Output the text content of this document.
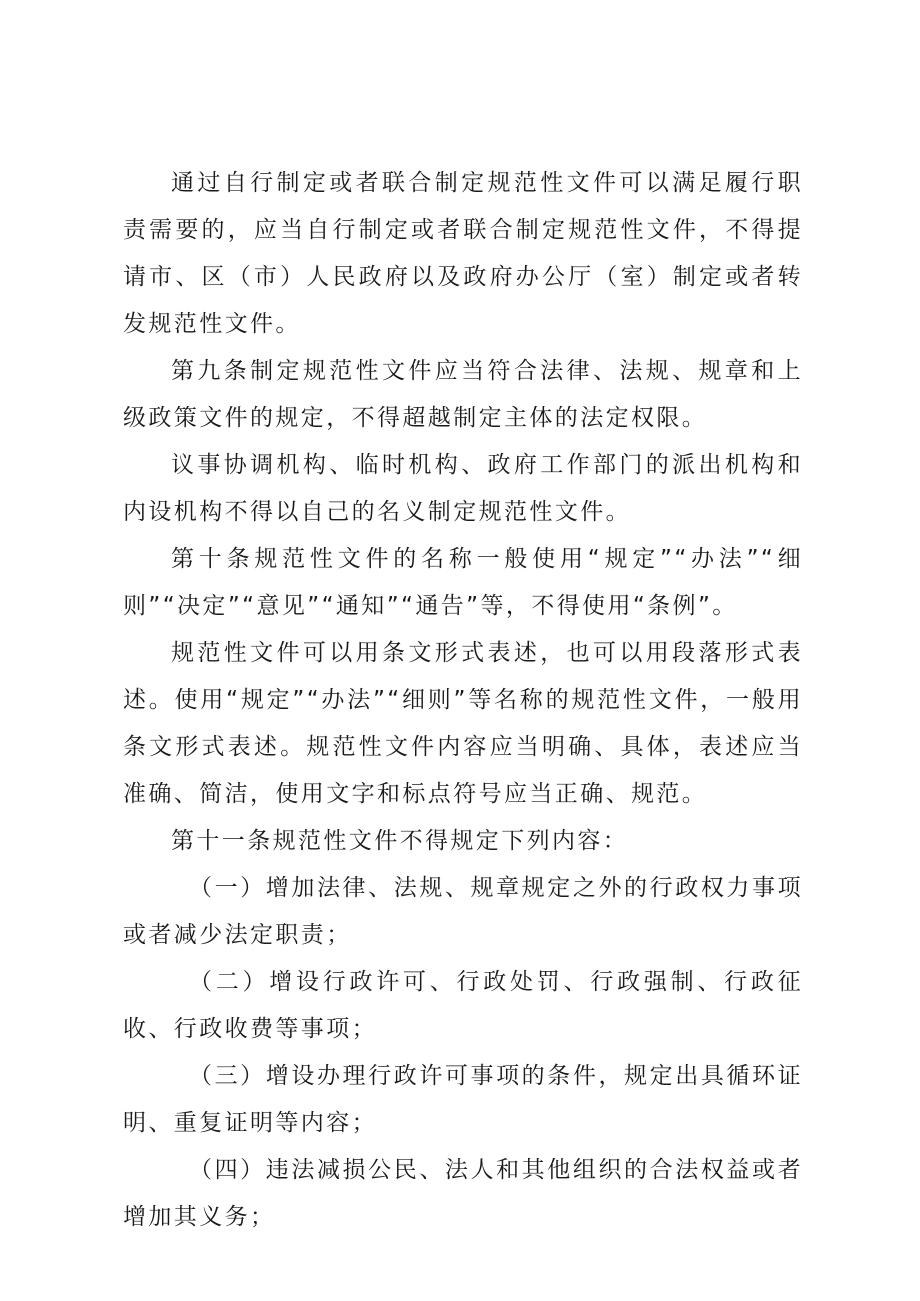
通过自行制定或者联合制定规范性文件可以满足履行职责需要的，应当自行制定或者联合制定规范性文件，不得提请市、区（市）人民政府以及政府办公厅（室）制定或者转发规范性文件。

第九条制定规范性文件应当符合法律、法规、规章和上级政策文件的规定，不得超越制定主体的法定权限。

议事协调机构、临时机构、政府工作部门的派出机构和内设机构不得以自己的名义制定规范性文件。

第十条规范性文件的名称一般使用“规定”“办法”“细则”“决定”“意见”“通知”“通告”等，不得使用“条例”。

规范性文件可以用条文形式表述，也可以用段落形式表述。使用“规定”“办法”“细则”等名称的规范性文件，一般用条文形式表述。规范性文件内容应当明确、具体，表述应当准确、简洁，使用文字和标点符号应当正确、规范。

第十一条规范性文件不得规定下列内容：

（一）增加法律、法规、规章规定之外的行政权力事项或者减少法定职责；

（二）增设行政许可、行政处罚、行政强制、行政征收、行政收费等事项；

（三）增设办理行政许可事项的条件，规定出具循环证明、重复证明等内容；

（四）违法减损公民、法人和其他组织的合法权益或者增加其义务；
